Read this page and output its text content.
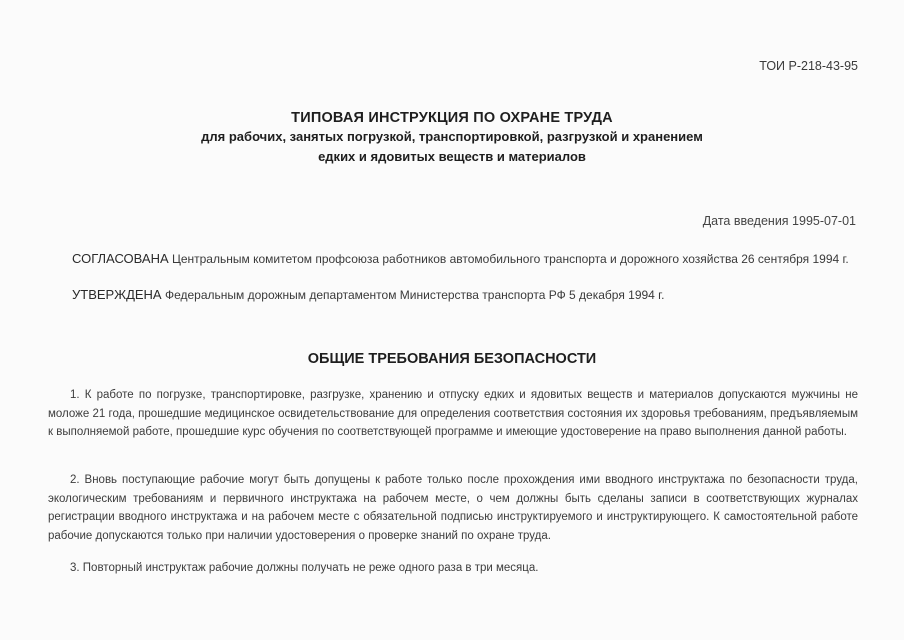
ТОИ Р-218-43-95
ТИПОВАЯ ИНСТРУКЦИЯ ПО ОХРАНЕ ТРУДА
для рабочих, занятых погрузкой, транспортировкой, разгрузкой и хранением
едких и ядовитых веществ и материалов
Дата введения 1995-07-01
СОГЛАСОВАНА Центральным комитетом профсоюза работников автомобильного транспорта и дорожного хозяйства 26 сентября 1994 г.
УТВЕРЖДЕНА Федеральным дорожным департаментом Министерства транспорта РФ 5 декабря 1994 г.
ОБЩИЕ ТРЕБОВАНИЯ БЕЗОПАСНОСТИ
1. К работе по погрузке, транспортировке, разгрузке, хранению и отпуску едких и ядовитых веществ и материалов допускаются мужчины не моложе 21 года, прошедшие медицинское освидетельствование для определения соответствия состояния их здоровья требованиям, предъявляемым к выполняемой работе, прошедшие курс обучения по соответствующей программе и имеющие удостоверение на право выполнения данной работы.
2. Вновь поступающие рабочие могут быть допущены к работе только после прохождения ими вводного инструктажа по безопасности труда, экологическим требованиям и первичного инструктажа на рабочем месте, о чем должны быть сделаны записи в соответствующих журналах регистрации вводного инструктажа и на рабочем месте с обязательной подписью инструктируемого и инструктирующего. К самостоятельной работе рабочие допускаются только при наличии удостоверения о проверке знаний по охране труда.
3. Повторный инструктаж рабочие должны получать не реже одного раза в три месяца.
